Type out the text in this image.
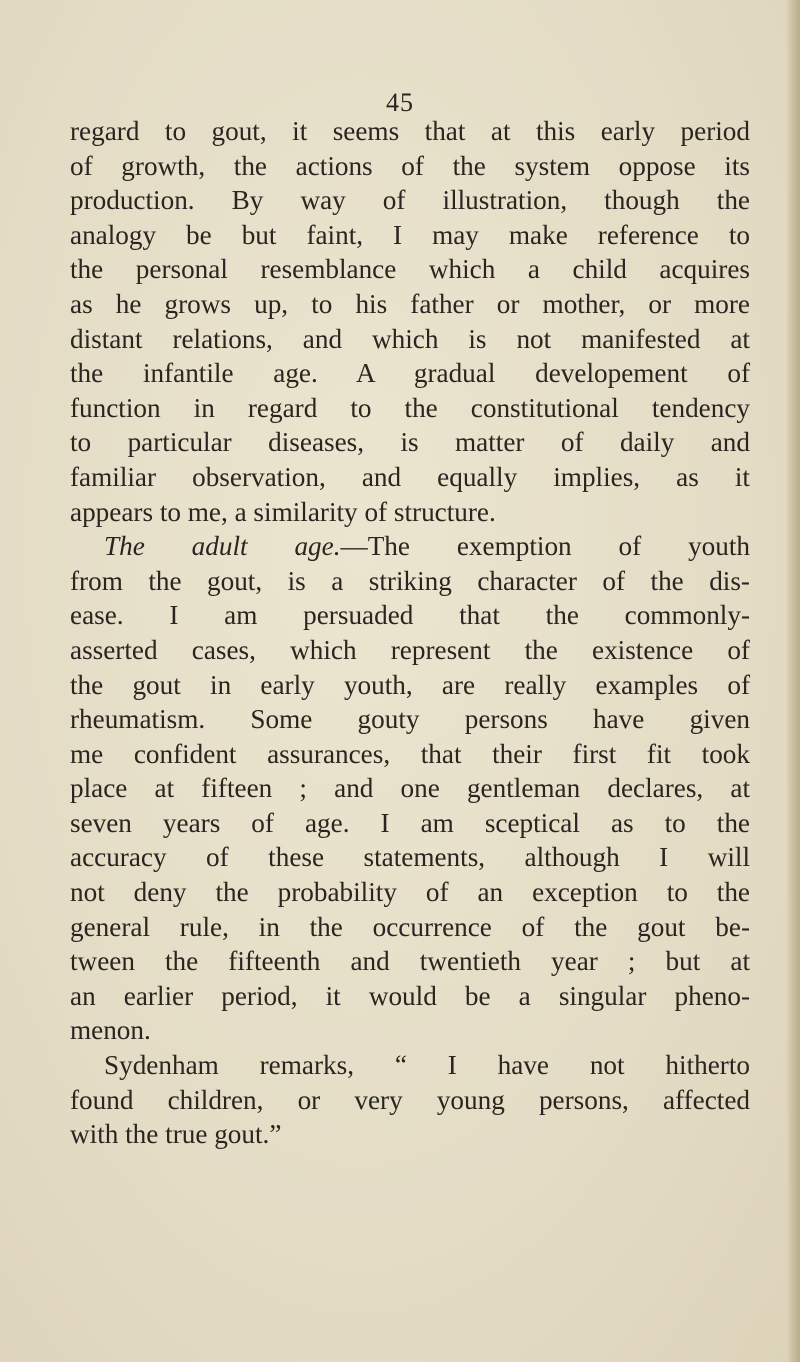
45
regard to gout, it seems that at this early period
of growth, the actions of the system oppose its
production. By way of illustration, though the
analogy be but faint, I may make reference to
the personal resemblance which a child acquires
as he grows up, to his father or mother, or more
distant relations, and which is not manifested at
the infantile age. A gradual developement of
function in regard to the constitutional tendency
to particular diseases, is matter of daily and
familiar observation, and equally implies, as it
appears to me, a similarity of structure.
The adult age.—The exemption of youth
from the gout, is a striking character of the dis-
ease. I am persuaded that the commonly-
asserted cases, which represent the existence of
the gout in early youth, are really examples of
rheumatism. Some gouty persons have given
me confident assurances, that their first fit took
place at fifteen ; and one gentleman declares, at
seven years of age. I am sceptical as to the
accuracy of these statements, although I will
not deny the probability of an exception to the
general rule, in the occurrence of the gout be-
tween the fifteenth and twentieth year ; but at
an earlier period, it would be a singular pheno-
menon.
Sydenham remarks, “ I have not hitherto
found children, or very young persons, affected
with the true gout.”
